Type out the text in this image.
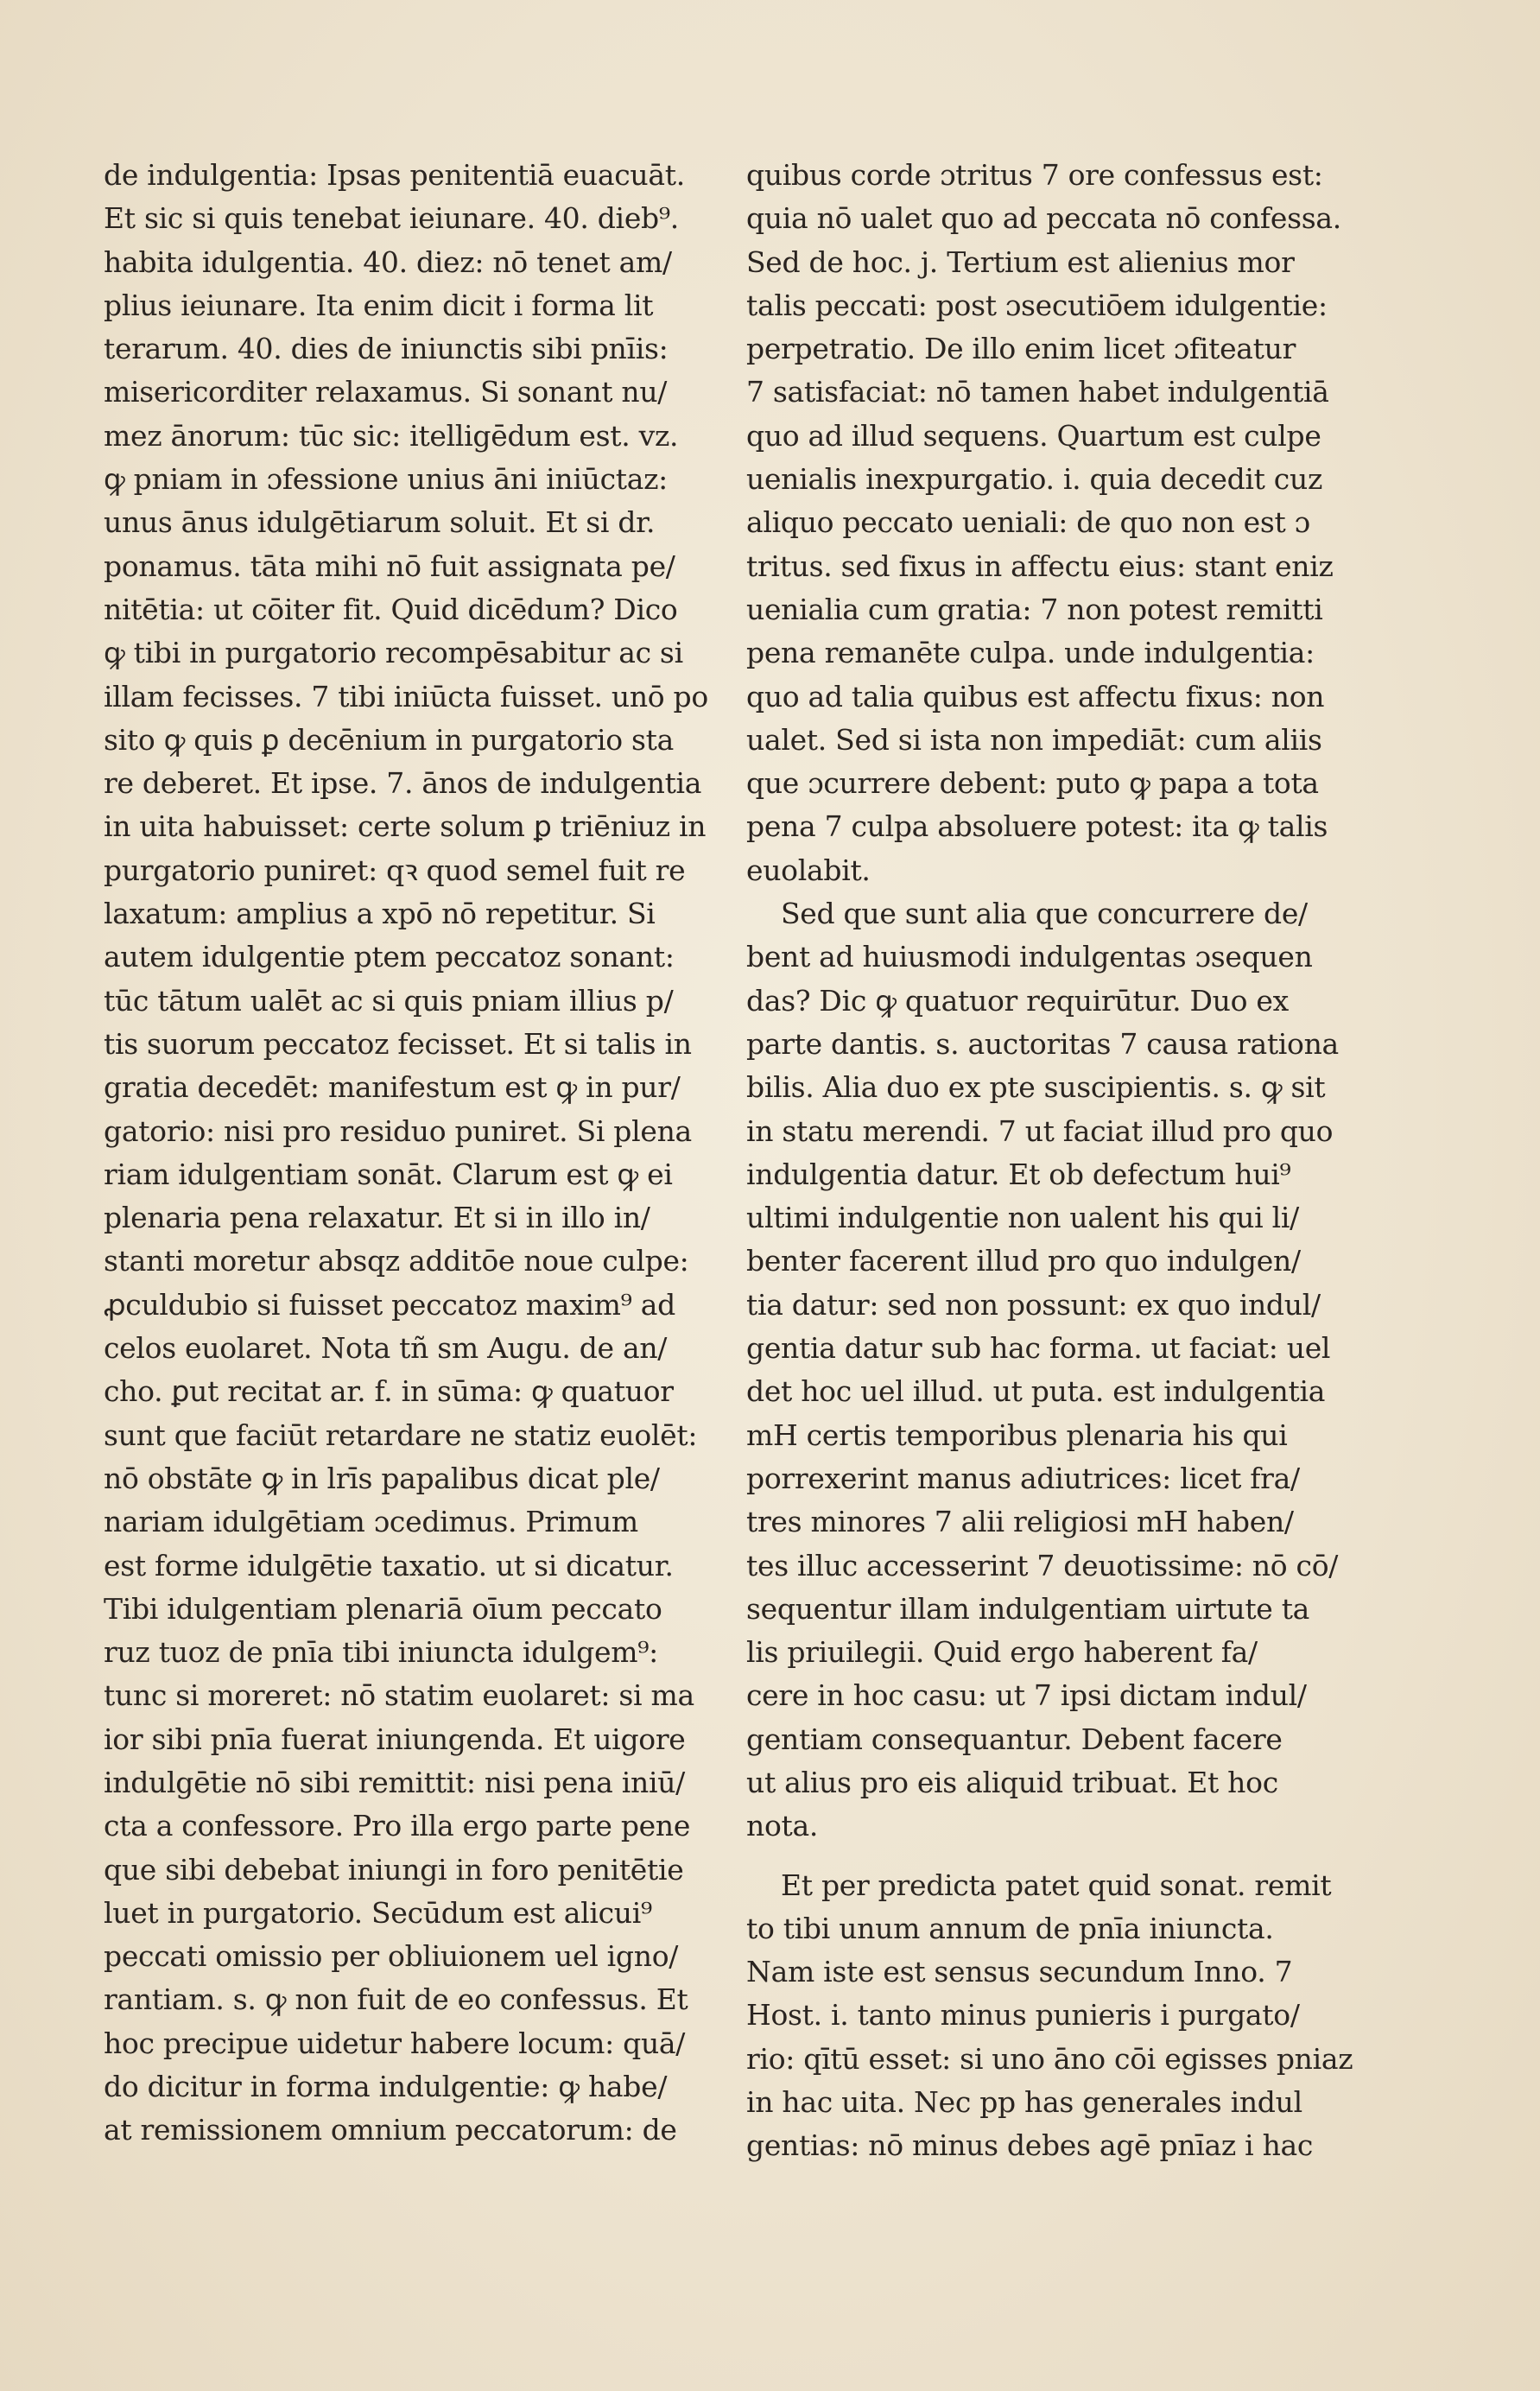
de indulgentia: Ipsas penitentiā euacuāt.
Et sic si quis tenebat ieiunare. 40. dieb⁹.
habita idulgentia. 40. diez: nō tenet am/
plius ieiunare. Ita enim dicit i forma lit
terarum. 40. dies de iniunctis sibi pnīis:
misericorditer relaxamus. Si sonant nu/
mez ānorum: tūc sic: itelligēdum est. vz.
ꝙ pniam in ɔfessione unius āni iniūctaz:
unus ānus idulgētiarum soluit. Et si dr.
ponamus. tāta mihi nō fuit assignata pe/
nitētia: ut cōiter fit. Quid dicēdum? Dico
ꝙ tibi in purgatorio recompēsabitur ac si
illam fecisses. 7 tibi iniūcta fuisset. unō po
sito ꝙ quis ꝑ decēnium in purgatorio sta
re deberet. Et ipse. 7. ānos de indulgentia
in uita habuisset: certe solum ꝑ triēniuz in
purgatorio puniret: qꝛ quod semel fuit re
laxatum: amplius a xpō nō repetitur. Si
autem idulgentie ptem peccatoz sonant:
tūc tātum ualēt ac si quis pniam illius p/
tis suorum peccatoz fecisset. Et si talis in
gratia decedēt: manifestum est ꝙ in pur/
gatorio: nisi pro residuo puniret. Si plena
riam idulgentiam sonāt. Clarum est ꝙ ei
plenaria pena relaxatur. Et si in illo in/
stanti moretur absqz additōe noue culpe:
ꝓculdubio si fuisset peccatoz maxim⁹ ad
celos euolaret. Nota tñ sm Augu. de an/
cho. ꝑut recitat ar. f. in sūma: ꝙ quatuor
sunt que faciūt retardare ne statiz euolēt:
nō obstāte ꝙ in lrīs papalibus dicat ple/
nariam idulgētiam ɔcedimus. Primum
est forme idulgētie taxatio. ut si dicatur.
Tibi idulgentiam plenariā oīum peccato
ruz tuoz de pnīa tibi iniuncta idulgem⁹:
tunc si moreret: nō statim euolaret: si ma
ior sibi pnīa fuerat iniungenda. Et uigore
indulgētie nō sibi remittit: nisi pena iniū/
cta a confessore. Pro illa ergo parte pene
que sibi debebat iniungi in foro penitētie
luet in purgatorio. Secūdum est alicui⁹
peccati omissio per obliuionem uel igno/
rantiam. s. ꝙ non fuit de eo confessus. Et
hoc precipue uidetur habere locum: quā/
do dicitur in forma indulgentie: ꝙ habe/
at remissionem omnium peccatorum: de
quibus corde ɔtritus 7 ore confessus est:
quia nō ualet quo ad peccata nō confessa.
Sed de hoc. j. Tertium est alienius mor
talis peccati: post ɔsecutiōem idulgentie:
perpetratio. De illo enim licet ɔfiteatur
7 satisfaciat: nō tamen habet indulgentiā
quo ad illud sequens. Quartum est culpe
uenialis inexpurgatio. i. quia decedit cuz
aliquo peccato ueniali: de quo non est ɔ
tritus. sed fixus in affectu eius: stant eniz
uenialia cum gratia: 7 non potest remitti
pena remanēte culpa. unde indulgentia:
quo ad talia quibus est affectu fixus: non
ualet. Sed si ista non impediāt: cum aliis
que ɔcurrere debent: puto ꝙ papa a tota
pena 7 culpa absoluere potest: ita ꝙ talis
euolabit.
Sed que sunt alia que concurrere de/
bent ad huiusmodi indulgentas ɔsequen
das? Dic ꝙ quatuor requirūtur. Duo ex
parte dantis. s. auctoritas 7 causa rationa
bilis. Alia duo ex pte suscipientis. s. ꝙ sit
in statu merendi. 7 ut faciat illud pro quo
indulgentia datur. Et ob defectum hui⁹
ultimi indulgentie non ualent his qui li/
benter facerent illud pro quo indulgen/
tia datur: sed non possunt: ex quo indul/
gentia datur sub hac forma. ut faciat: uel
det hoc uel illud. ut puta. est indulgentia
mH certis temporibus plenaria his qui
porrexerint manus adiutrices: licet fra/
tres minores 7 alii religiosi mH haben/
tes illuc accesserint 7 deuotissime: nō cō/
sequentur illam indulgentiam uirtute ta
lis priuilegii. Quid ergo haberent fa/
cere in hoc casu: ut 7 ipsi dictam indul/
gentiam consequantur. Debent facere
ut alius pro eis aliquid tribuat. Et hoc
nota.
Et per predicta patet quid sonat. remit
to tibi unum annum de pnīa iniuncta.
Nam iste est sensus secundum Inno. 7
Host. i. tanto minus punieris i purgato/
rio: qītū esset: si uno āno cōi egisses pniaz
in hac uita. Nec pp has generales indul
gentias: nō minus debes agē pnīaz i hac
